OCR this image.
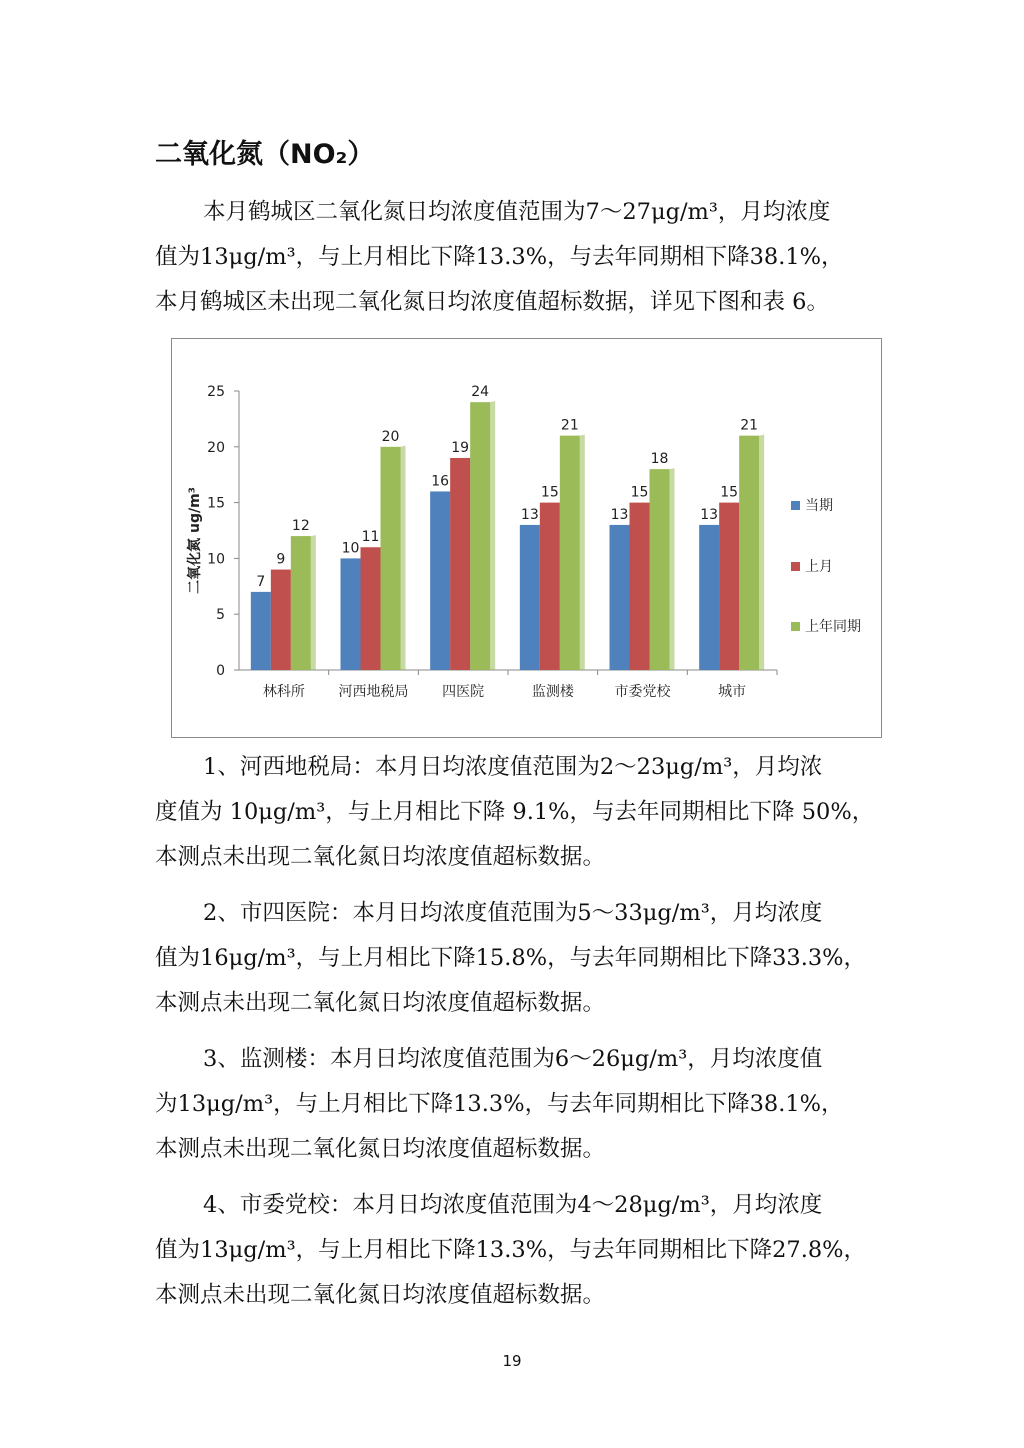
二氧化氮（NO₂）
本月鹤城区二氧化氮日均浓度值范围为7～27μg/m³，月均浓度
值为13μg/m³，与上月相比下降13.3%，与去年同期相下降38.1%，
本月鹤城区未出现二氧化氮日均浓度值超标数据，详见下图和表 6。
0
5
10
15
20
25
二氧化氮 ug/m³	7
9
12
林科所
10
11
20
河西地税局
16
19
24
四医院
13
15
21
监测楼
13
15
18
市委党校
13
15
21
城市
当期
上月
上年同期
1、河西地税局：本月日均浓度值范围为2～23μg/m³，月均浓
度值为 10μg/m³，与上月相比下降 9.1%，与去年同期相比下降 50%，
本测点未出现二氧化氮日均浓度值超标数据。
2、市四医院：本月日均浓度值范围为5～33μg/m³，月均浓度
值为16μg/m³，与上月相比下降15.8%，与去年同期相比下降33.3%，
本测点未出现二氧化氮日均浓度值超标数据。
3、监测楼：本月日均浓度值范围为6～26μg/m³，月均浓度值
为13μg/m³，与上月相比下降13.3%，与去年同期相比下降38.1%，
本测点未出现二氧化氮日均浓度值超标数据。
4、市委党校：本月日均浓度值范围为4～28μg/m³，月均浓度
值为13μg/m³，与上月相比下降13.3%，与去年同期相比下降27.8%，
本测点未出现二氧化氮日均浓度值超标数据。
19
